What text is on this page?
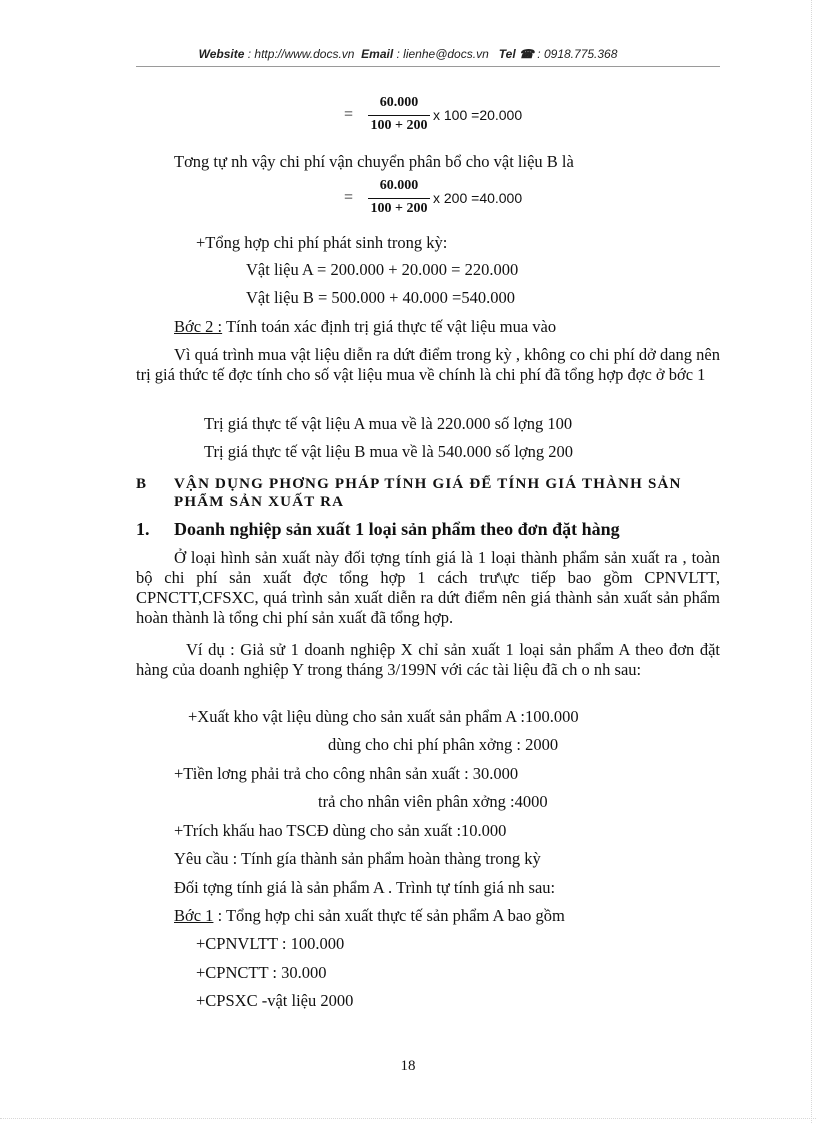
Website : http://www.docs.vn Email : lienhe@docs.vn Tel ☎ : 0918.775.368
=
60.000
100 + 200
x 100 =20.000
Tơng tự nh vậy chi phí vận chuyển phân bổ cho vật liệu B là
=
60.000
100 + 200
x 200 =40.000
+Tổng hợp chi phí phát sinh trong kỳ:
Vật liệu A = 200.000 + 20.000 = 220.000
Vật liệu B = 500.000 + 40.000 =540.000
Bớc 2 : Tính toán xác định trị giá thực tế vật liệu mua vào
Vì quá trình mua vật liệu diễn ra dứt điểm trong kỳ , không co chi phí dở dang nên trị giá thức tế đợc tính cho số vật liệu mua về chính là chi phí đã tổng hợp đợc ở bớc 1
Trị giá thực tế vật liệu A mua về là 220.000 số lợng 100
Trị giá thực tế vật liệu B mua về là 540.000 số lợng 200
B VẬN DỤNG PHƠNG PHÁP TÍNH GIÁ ĐỂ TÍNH GIÁ THÀNH SẢN PHẨM SẢN XUẤT RA
1. Doanh nghiệp sản xuất 1 loại sản phẩm theo đơn đặt hàng
Ở loại hình sản xuất này đối tợng tính giá là 1 loại thành phẩm sản xuất ra , toàn bộ chi phí sản xuất đợc tổng hợp 1 cách trư\ực tiếp bao gồm CPNVLTT, CPNCTT,CFSXC, quá trình sản xuất diễn ra dứt điểm nên giá thành sản xuất sản phẩm hoàn thành là tổng chi phí sản xuất đã tổng hợp.
Ví dụ : Giả sử 1 doanh nghiệp X chỉ sản xuất 1 loại sản phẩm A theo đơn đặt hàng của doanh nghiệp Y trong tháng 3/199N với các tài liệu đã ch o nh sau:
+Xuất kho vật liệu dùng cho sản xuất sản phẩm A :100.000
dùng cho chi phí phân xởng : 2000
+Tiền lơng phải trả cho công nhân sản xuất : 30.000
trả cho nhân viên phân xởng :4000
+Trích khấu hao TSCĐ dùng cho sản xuất :10.000
Yêu cầu : Tính gía thành sản phẩm hoàn thàng trong kỳ
Đối tợng tính giá là sản phẩm A . Trình tự tính giá nh sau:
Bớc 1 : Tổng hợp chi sản xuất thực tế sản phẩm A bao gồm
+CPNVLTT : 100.000
+CPNCTT : 30.000
+CPSXC -vật liệu 2000
18
